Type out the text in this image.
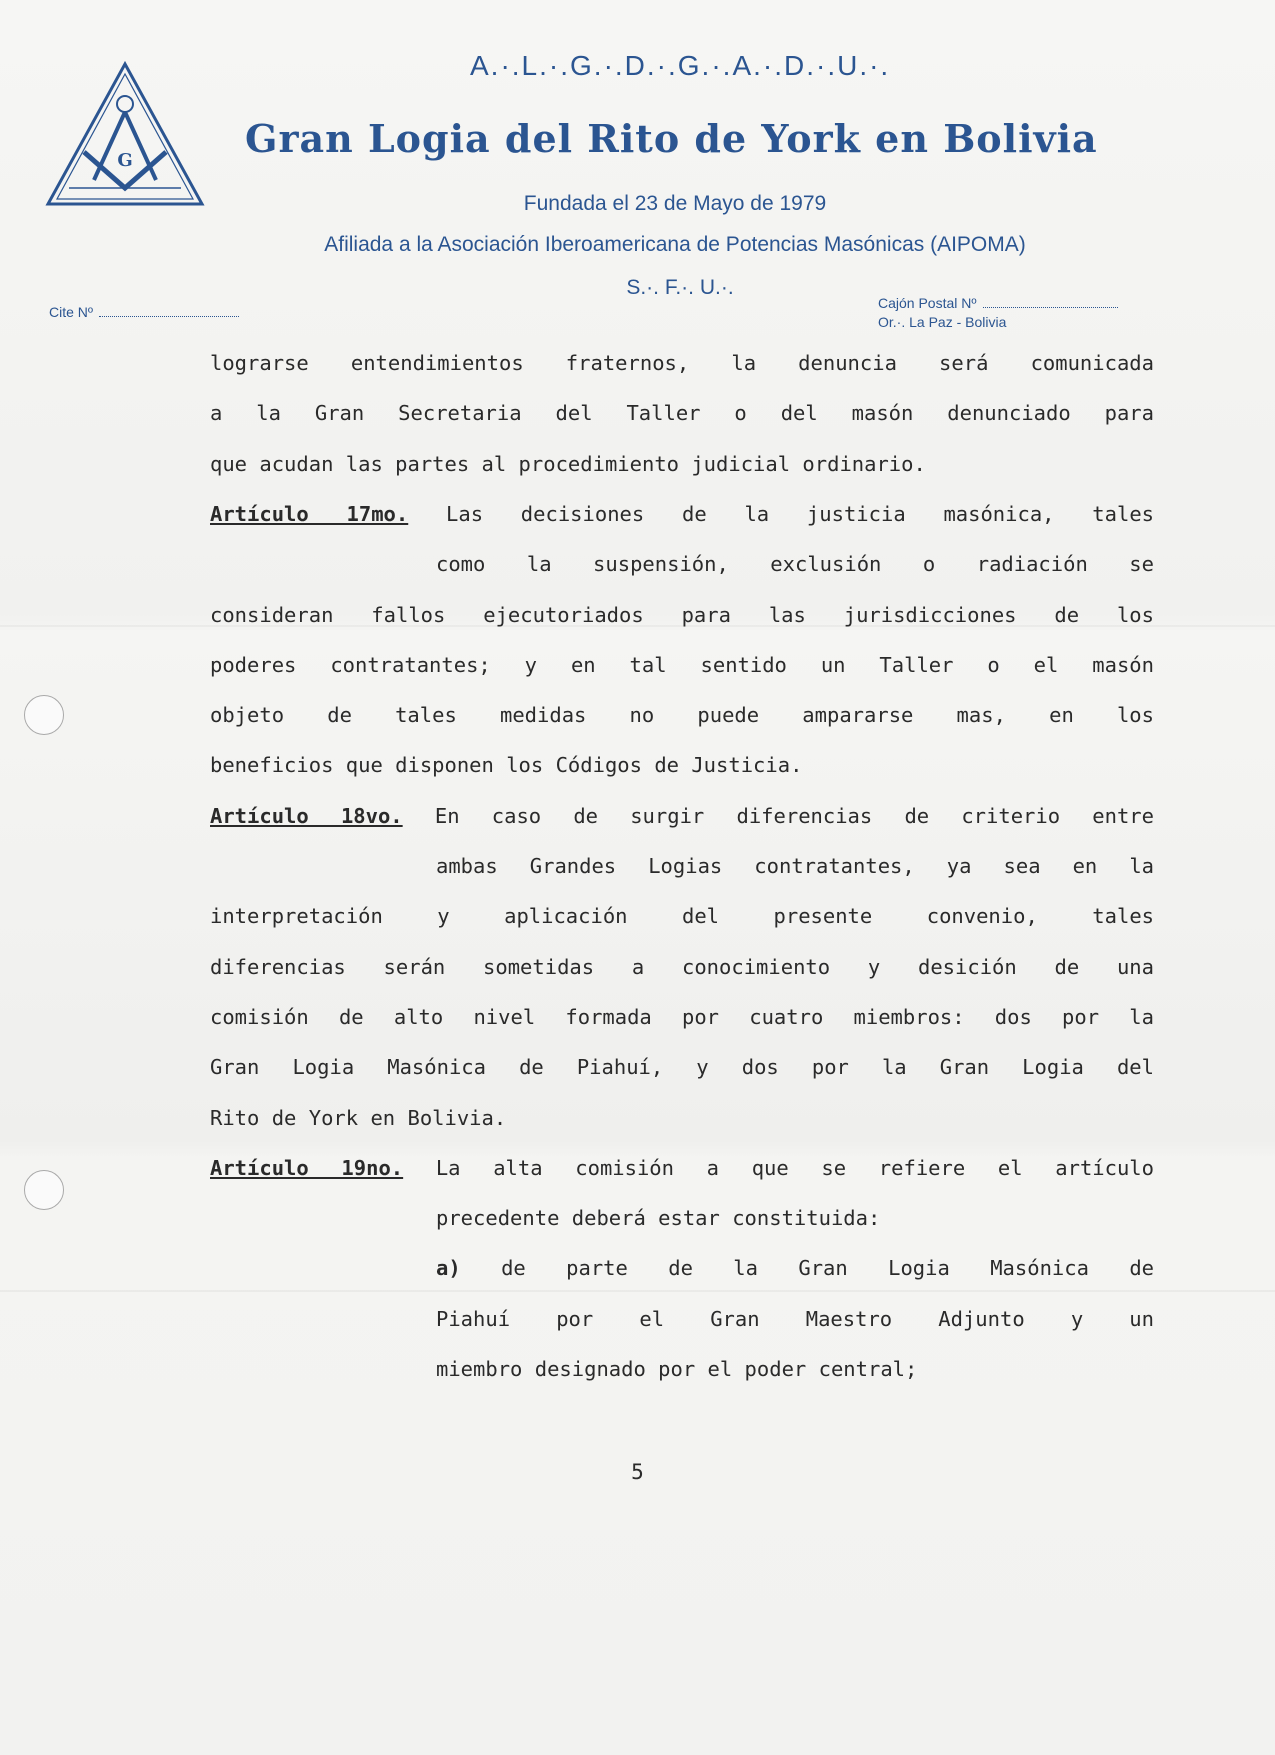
G
A.·.L.·.G.·.D.·.G.·.A.·.D.·.U.·.
Gran Logia del Rito de York en Bolivia
Fundada el 23 de Mayo de 1979
Afiliada a la Asociación Iberoamericana de Potencias Masónicas (AIPOMA)
S.·. F.·. U.·.
Cite Nº
Cajón Postal Nº
Or.·. La Paz - Bolivia
lograrse entendimientos fraternos, la denuncia será comunicada
a la Gran Secretaria del Taller o del masón denunciado para
que acudan las partes al procedimiento judicial ordinario.
Artículo 17mo. Las decisiones de la justicia masónica, tales
como la suspensión, exclusión o radiación se
consideran fallos ejecutoriados para las jurisdicciones de los
poderes contratantes; y en tal sentido un Taller o el masón
objeto de tales medidas no puede ampararse mas, en los
beneficios que disponen los Códigos de Justicia.
Artículo 18vo. En caso de surgir diferencias de criterio entre
ambas Grandes Logias contratantes, ya sea en la
interpretación y aplicación del presente convenio, tales
diferencias serán sometidas a conocimiento y desición de una
comisión de alto nivel formada por cuatro miembros: dos por la
Gran Logia Masónica de Piahuí, y dos por la Gran Logia del
Rito de York en Bolivia.
Artículo 19no. La alta comisión a que se refiere el artículo
precedente deberá estar constituida:
a) de parte de la Gran Logia Masónica de
Piahuí por el Gran Maestro Adjunto y un
miembro designado por el poder central;
5
